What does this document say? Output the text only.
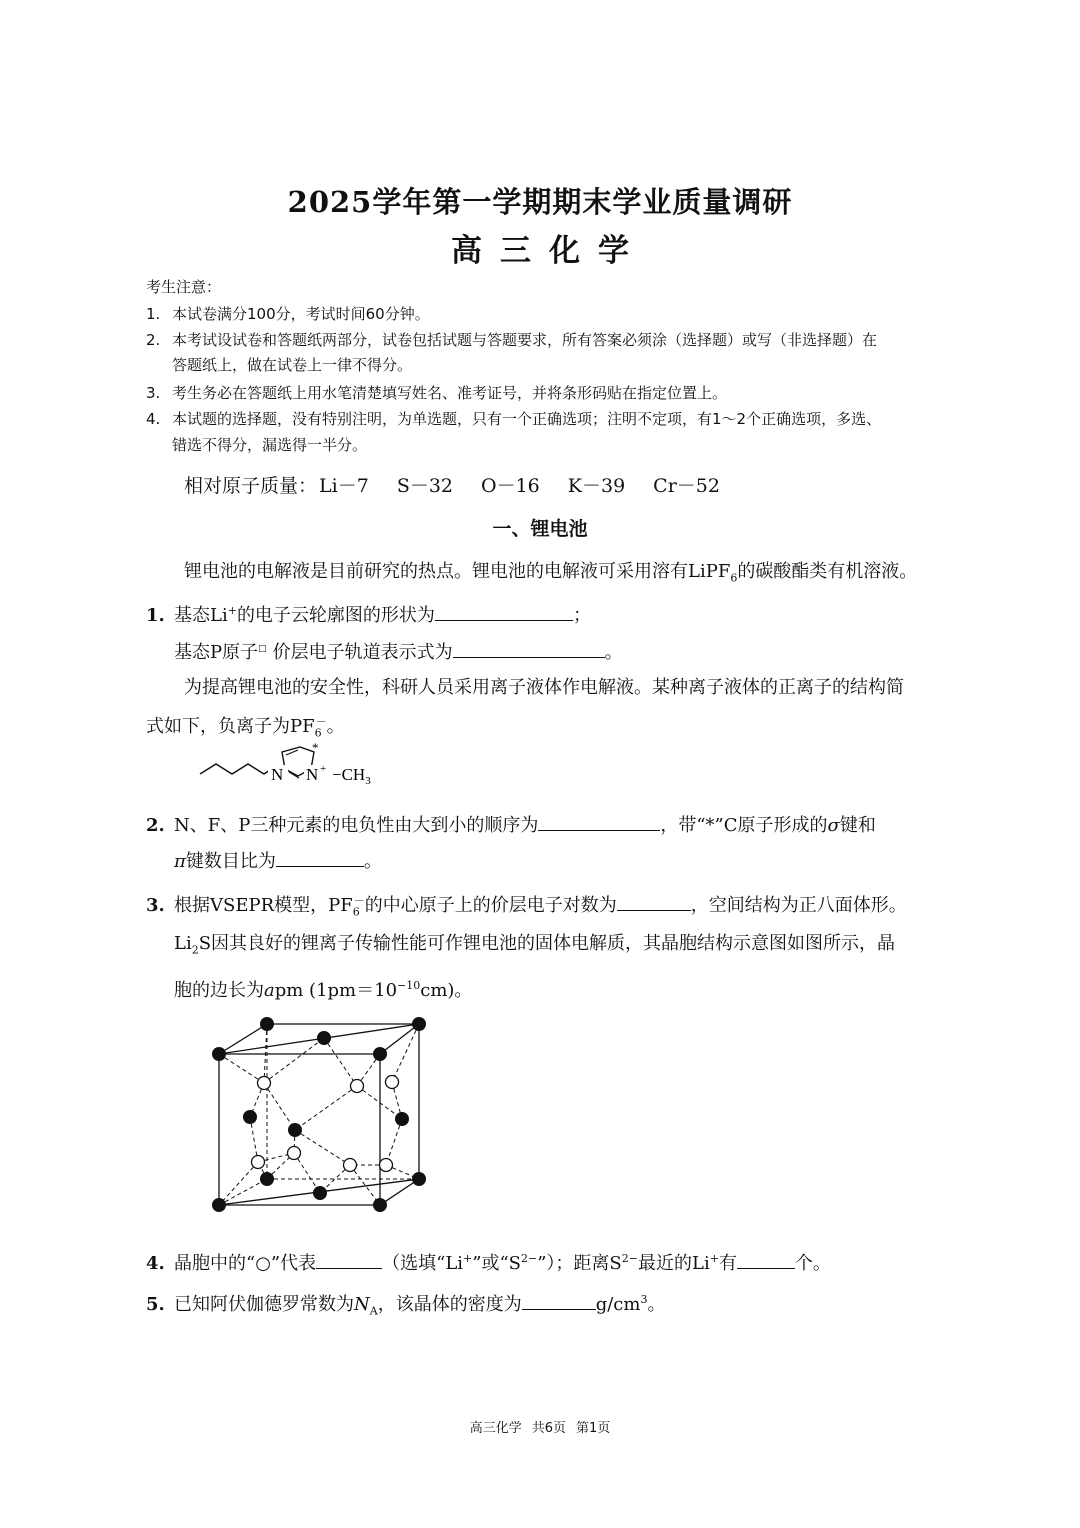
2025学年第一学期期末学业质量调研
高三化学
考生注意：
1. 本试卷满分100分，考试时间60分钟。
2. 本考试设试卷和答题纸两部分，试卷包括试题与答题要求，所有答案必须涂（选择题）或写（非选择题）在
答题纸上，做在试卷上一律不得分。
3. 考生务必在答题纸上用水笔清楚填写姓名、准考证号，并将条形码贴在指定位置上。
4. 本试题的选择题，没有特别注明，为单选题，只有一个正确选项；注明不定项，有1～2个正确选项，多选、
错选不得分，漏选得一半分。
相对原子质量： Li－7 S－32 O－16 K－39 Cr－52
一、锂电池
锂电池的电解液是目前研究的热点。锂电池的电解液可采用溶有LiPF$_6$的碳酸酯类有机溶液。
1. 基态Li+的电子云轮廓图的形状为	；
基态P原子□ 价层电子轨道表示式为	。
为提高锂电池的安全性，科研人员采用离子液体作电解液。某种离子液体的正离子的结构简
式如下，负离子为$PF_6^-$。
N N +
*
$-CH_3$
2. N、F、P三种元素的电负性由大到小的顺序为	，带“*”C原子形成的σ键和
π键数目比为	。
3. 根据VSEPR模型，$PF_6^-$的中心原子上的价层电子对数为	，空间结构为正八面体形。
$Li_2S$因其良好的锂离子传输性能可作锂电池的固体电解质，其晶胞结构示意图如图所示，晶
胞的边长为apm $(1pm=10^{-10}cm)$。
4. 晶胞中的“○”代表	（选填“Li+”或“$S^{2-}$”）；距离$S^{2-}$最近的Li+有	个。
5. 已知阿伏伽德罗常数为$N_A$，该晶体的密度为	$g/cm^3$。
高三化学 共6页 第1页
